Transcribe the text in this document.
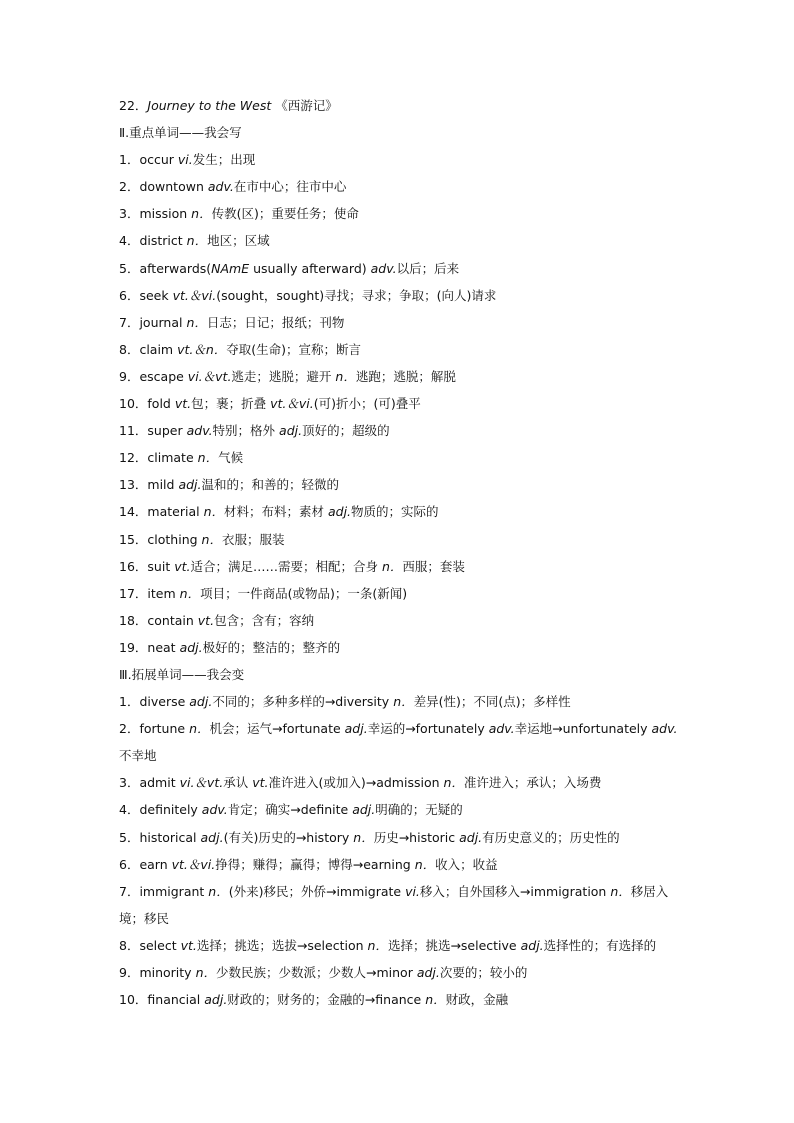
22．Journey to the West 《西游记》

Ⅱ.重点单词——我会写

1．occur vi.发生；出现

2．downtown adv.在市中心；往市中心

3．mission n．传教(区)；重要任务；使命

4．district n．地区；区域

5．afterwards(NAmE usually afterward) adv.以后；后来

6．seek vt.＆vi.(sought，sought)寻找；寻求；争取；(向人)请求

7．journal n．日志；日记；报纸；刊物

8．claim vt.＆n．夺取(生命)；宣称；断言

9．escape vi.＆vt.逃走；逃脱；避开 n．逃跑；逃脱；解脱

10．fold vt.包；裹；折叠 vt.＆vi.(可)折小；(可)叠平

11．super adv.特别；格外 adj.顶好的；超级的

12．climate n．气候

13．mild adj.温和的；和善的；轻微的

14．material n．材料；布料；素材 adj.物质的；实际的

15．clothing n．衣服；服装

16．suit vt.适合；满足……需要；相配；合身 n．西服；套装

17．item n．项目；一件商品(或物品)；一条(新闻)

18．contain vt.包含；含有；容纳

19．neat adj.极好的；整洁的；整齐的

Ⅲ.拓展单词——我会变

1．diverse adj.不同的；多种多样的→diversity n．差异(性)；不同(点)；多样性

2．fortune n．机会；运气→fortunate adj.幸运的→fortunately adv.幸运地→unfortunately adv.不幸地

3．admit vi.＆vt.承认 vt.准许进入(或加入)→admission n．准许进入；承认；入场费

4．definitely adv.肯定；确实→definite adj.明确的；无疑的

5．historical adj.(有关)历史的→history n．历史→historic adj.有历史意义的；历史性的

6．earn vt.＆vi.挣得；赚得；赢得；博得→earning n．收入；收益

7．immigrant n．(外来)移民；外侨→immigrate vi.移入；自外国移入→immigration n．移居入境；移民

8．select vt.选择；挑选；选拔→selection n．选择；挑选→selective adj.选择性的；有选择的

9．minority n．少数民族；少数派；少数人→minor adj.次要的；较小的

10．financial adj.财政的；财务的；金融的→finance n．财政，金融
